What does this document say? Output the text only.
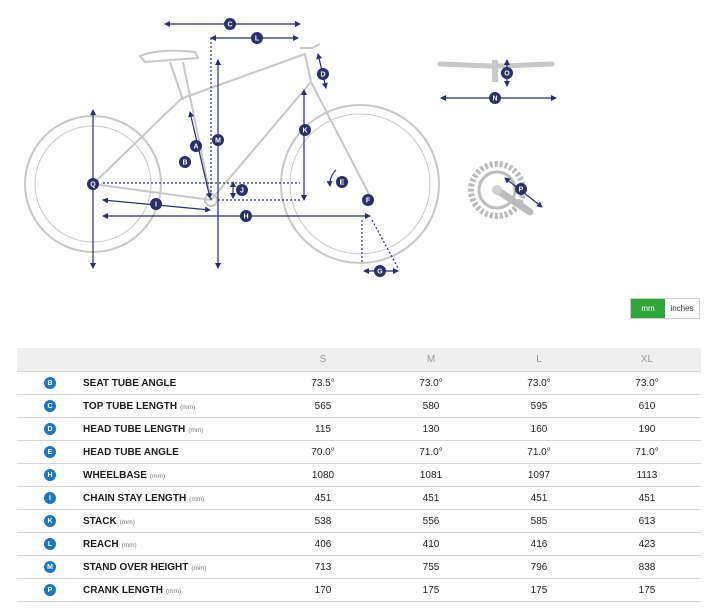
C
L
D	O
N
M
K
A
B
Q
J
E
F
I
H
P
G
mm	inches
		S	M	L	XL
B	SEAT TUBE ANGLE	73.5°	73.0°	73.0°	73.0°
C	TOP TUBE LENGTH (mm)	565	580	595	610
D	HEAD TUBE LENGTH (mm)	115	130	160	190
E	HEAD TUBE ANGLE	70.0°	71.0°	71.0°	71.0°
H	WHEELBASE (mm)	1080	1081	1097	1113
I	CHAIN STAY LENGTH (mm)	451	451	451	451
K	STACK (mm)	538	556	585	613
L	REACH (mm)	406	410	416	423
M	STAND OVER HEIGHT (mm)	713	755	796	838
P	CRANK LENGTH (mm)	170	175	175	175
